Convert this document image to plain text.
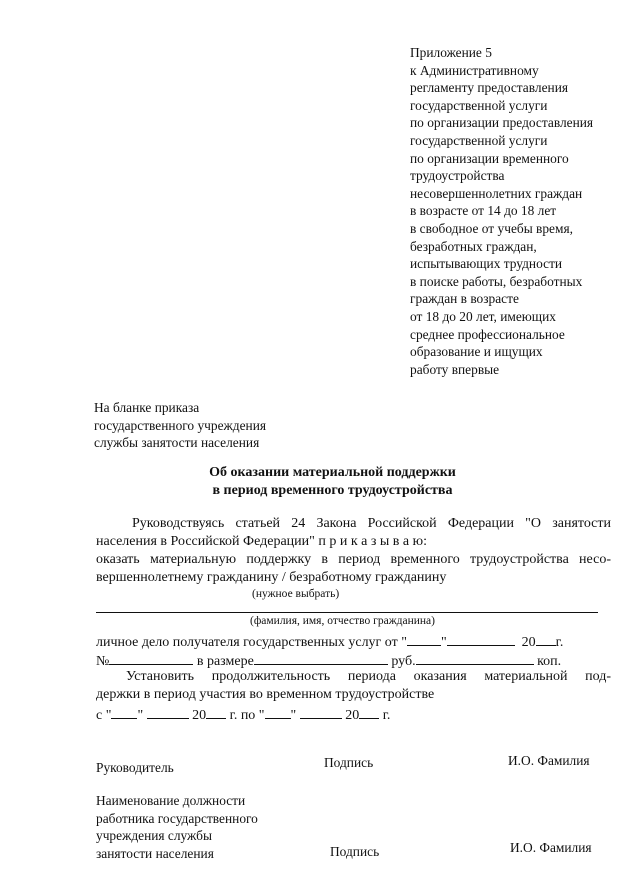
Приложение 5
к Административному
регламенту предоставления
государственной услуги
по организации предоставления
государственной услуги
по организации временного
трудоустройства
несовершеннолетних граждан
в возрасте от 14 до 18 лет
в свободное от учебы время,
безработных граждан,
испытывающих трудности
в поиске работы, безработных
граждан в возрасте
от 18 до 20 лет, имеющих
среднее профессиональное
образование и ищущих
работу впервые
На бланке приказа
государственного учреждения
службы занятости населения
Об оказании материальной поддержки
в период временного трудоустройства
Руководствуясь статьей 24 Закона Российской Федерации "О занятости
населения в Российской Федерации" п р и к а з ы в а ю:
оказать материальную поддержку в период временного трудоустройства несо-
вершеннолетнему гражданину / безработному гражданину
(нужное выбрать)
(фамилия, имя, отчество гражданина)
личное дело получателя государственных услуг от " "	20 г.
№	в размере	руб.	коп.
Установить продолжительность периода оказания материальной под-
держки в период участия во временном трудоустройстве
с " "	20 г. по " "	20 г.
Руководитель	Подпись	И.О. Фамилия
Наименование должности
работника государственного
учреждения службы
занятости населения	Подпись	И.О. Фамилия
